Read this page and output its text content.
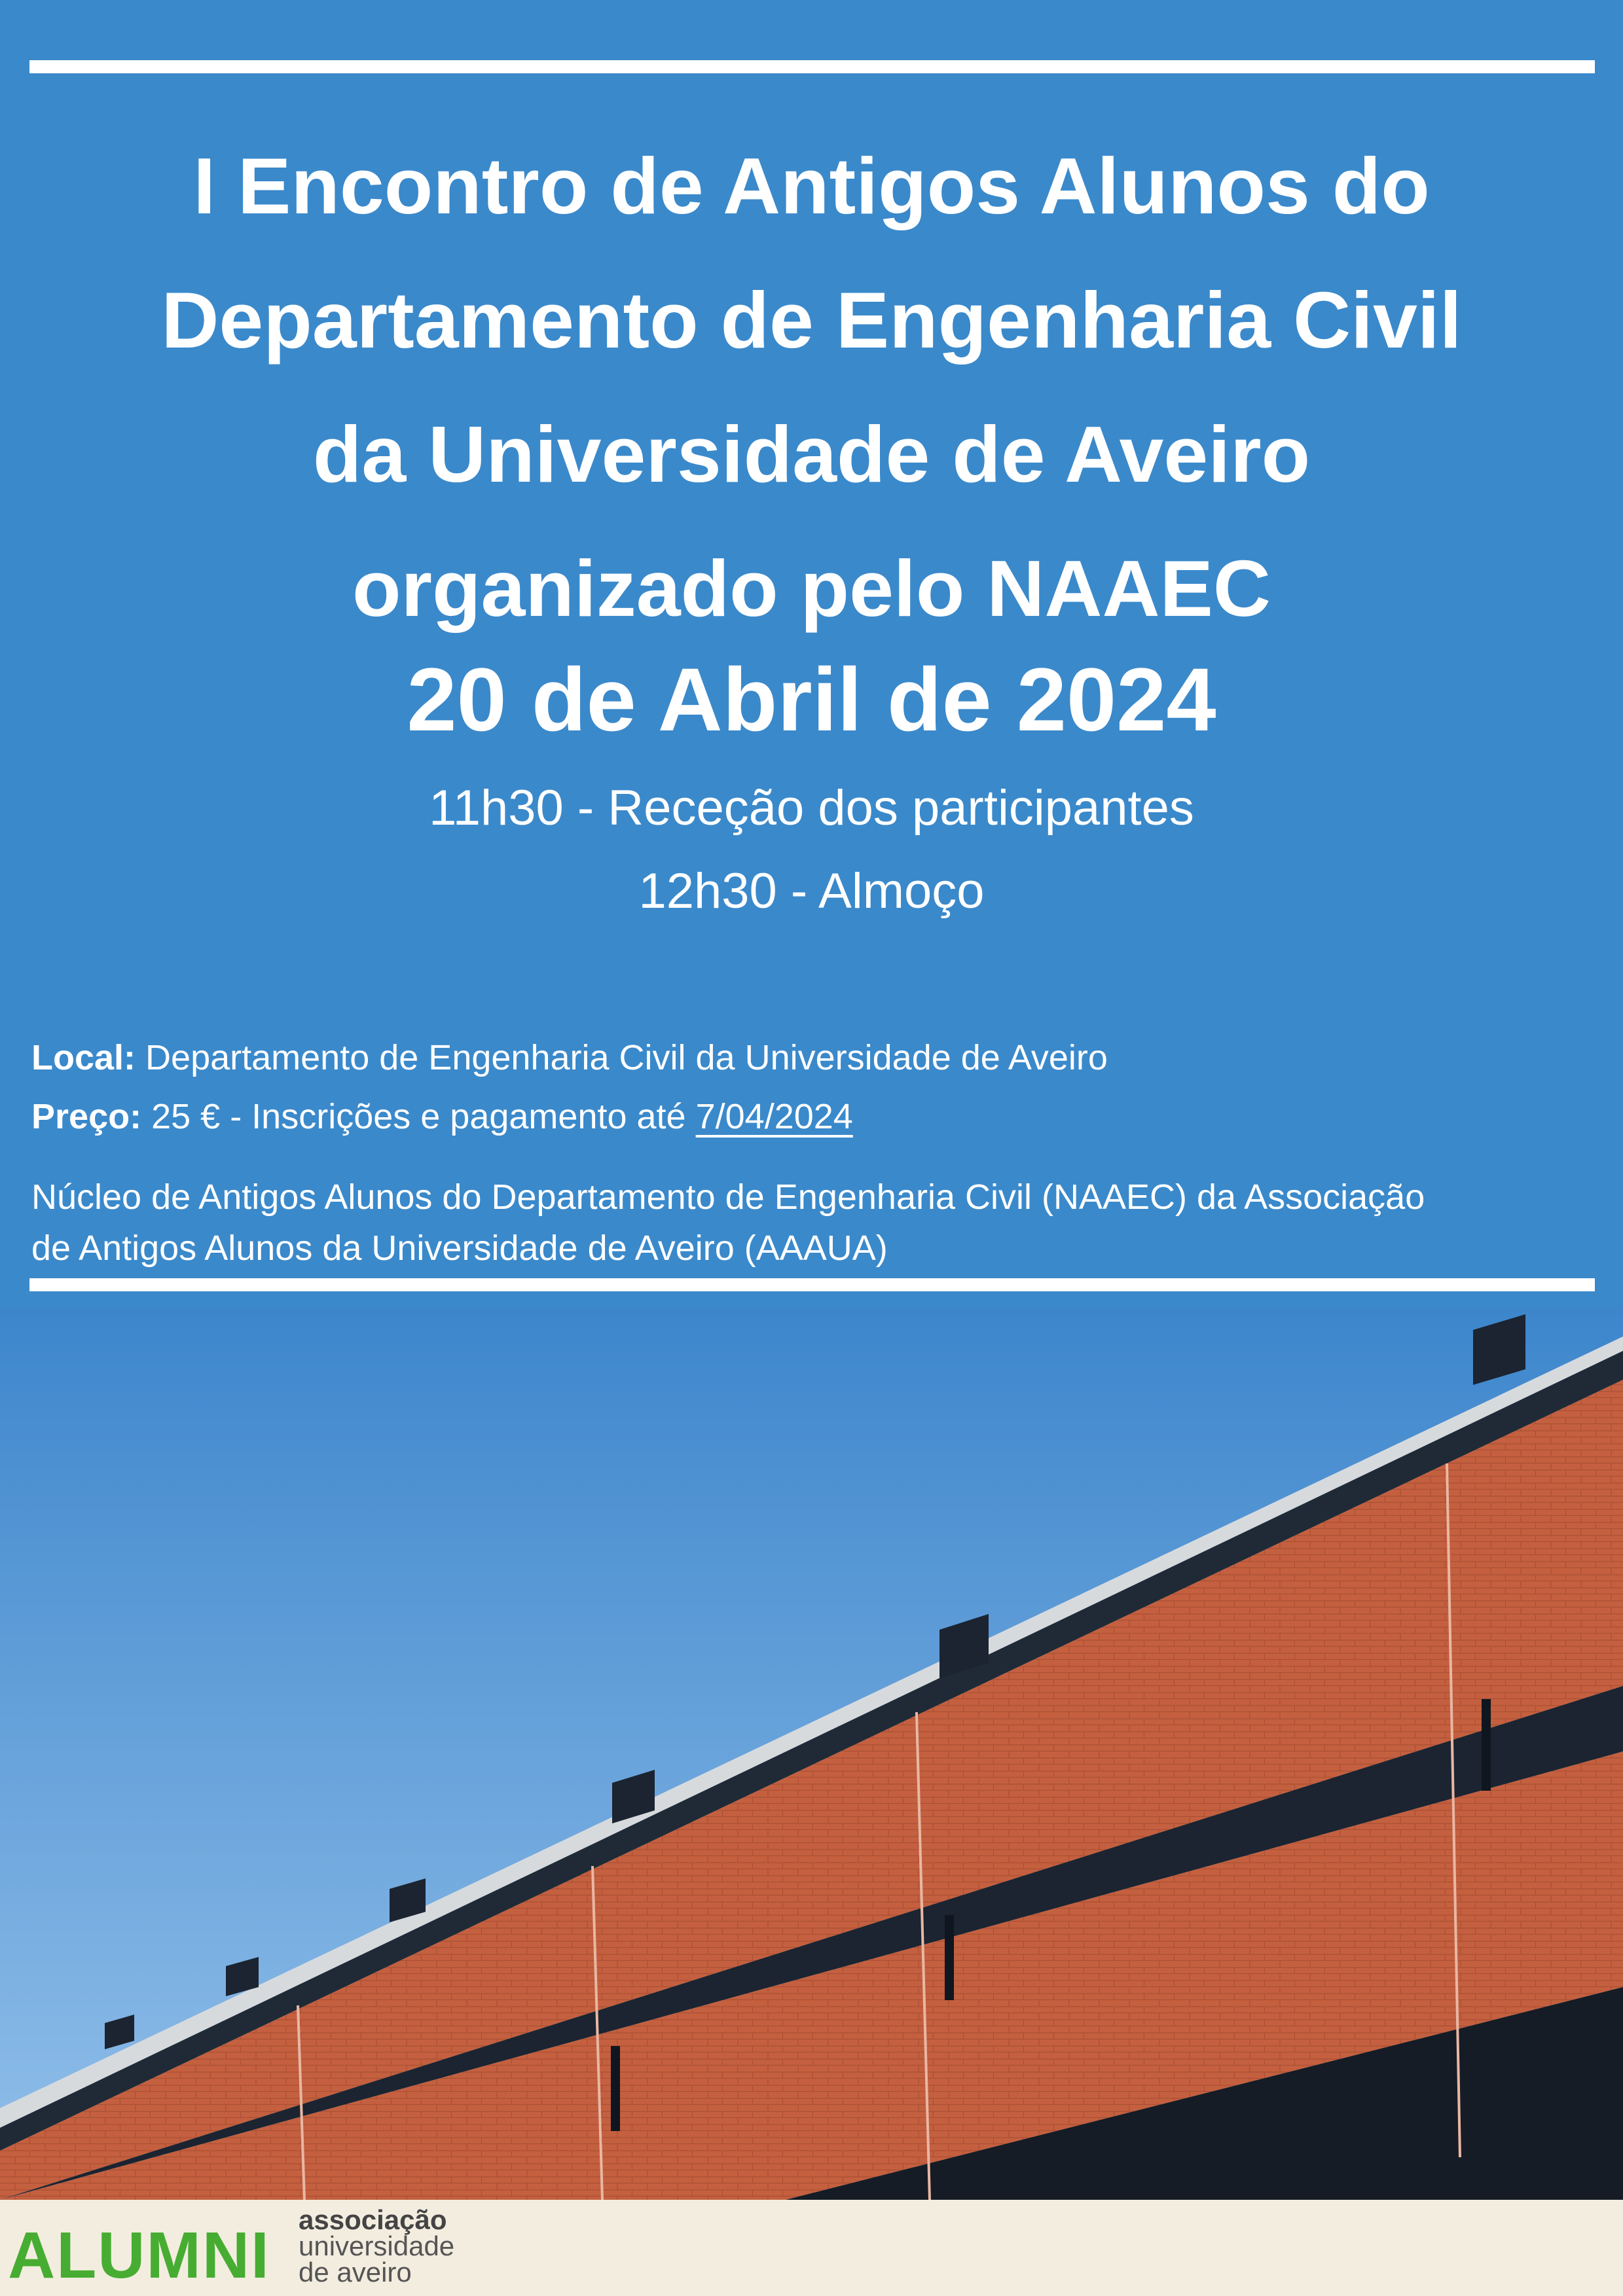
I Encontro de Antigos Alunos do
Departamento de Engenharia Civil
da Universidade de Aveiro
organizado pelo NAAEC
20 de Abril de 2024
11h30 - Receção dos participantes
12h30 - Almoço
Local: Departamento de Engenharia Civil da Universidade de Aveiro
Preço: 25 € - Inscrições e pagamento até 7/04/2024
Núcleo de Antigos Alunos do Departamento de Engenharia Civil (NAAEC) da Associação
de Antigos Alunos da Universidade de Aveiro (AAAUA)
ALUMNI associação
universidade
de aveiro
